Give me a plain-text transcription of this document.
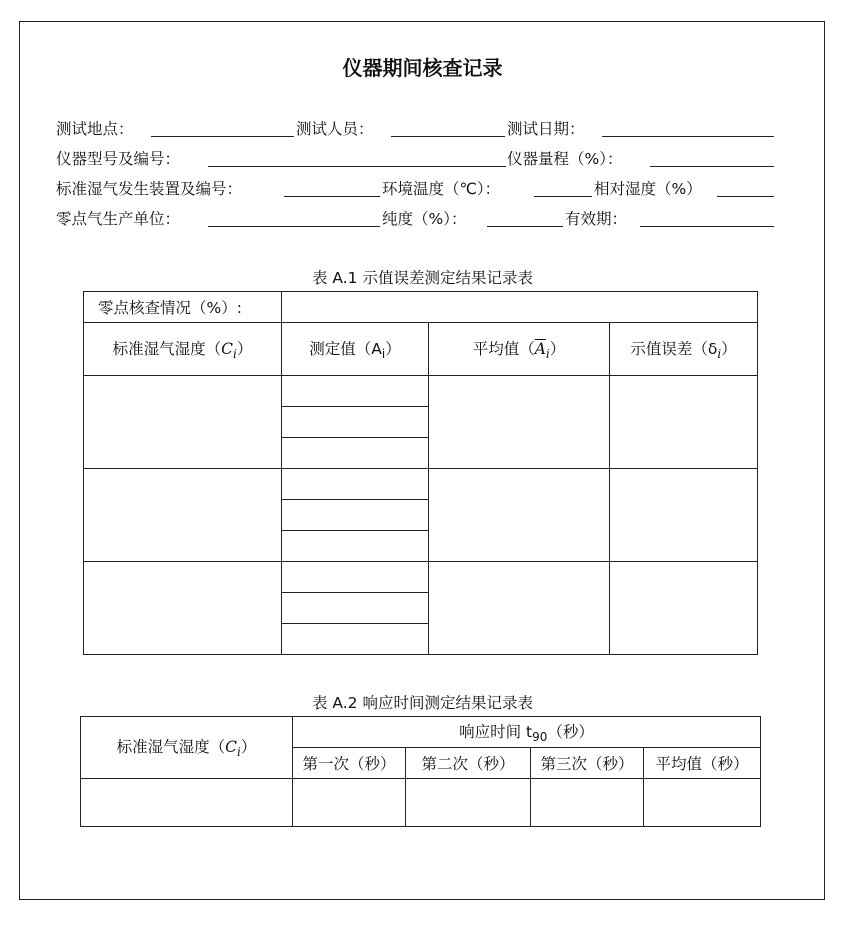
仪器期间核查记录
测试地点：	测试人员：	测试日期：
仪器型号及编号：	仪器量程（%）：
标准湿气发生装置及编号：	环境温度（℃）：	相对湿度（%）
零点气生产单位：	纯度（%）：	有效期：
表 A.1 示值误差测定结果记录表
零点核查情况（%）:			
标准湿气湿度$(C_i)$	测定值$(A_i)$	平均值$(\overline{A}_i)$	示值误差$(\delta_i)$

表 A.2 响应时间测定结果记录表
标准湿气湿度$(C_i)$	响应时间 $t_{90}$（秒）			
	第一次（秒）	第二次（秒）	第三次（秒）	平均值（秒）
